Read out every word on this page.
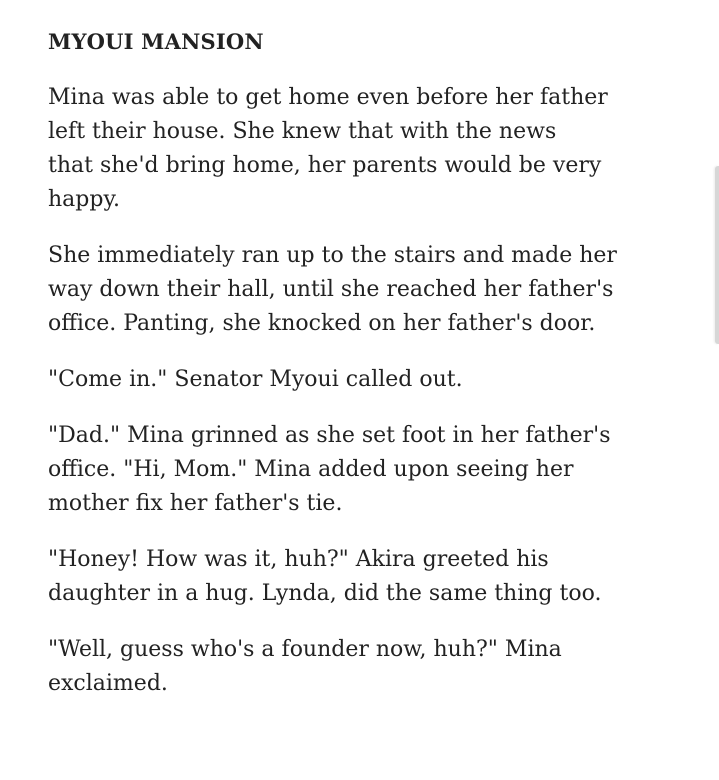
MYOUI MANSION

Mina was able to get home even before her father
left their house. She knew that with the news
that she'd bring home, her parents would be very
happy.

She immediately ran up to the stairs and made her
way down their hall, until she reached her father's
office. Panting, she knocked on her father's door.

"Come in." Senator Myoui called out.

"Dad." Mina grinned as she set foot in her father's
office. "Hi, Mom." Mina added upon seeing her
mother fix her father's tie.

"Honey! How was it, huh?" Akira greeted his
daughter in a hug. Lynda, did the same thing too.

"Well, guess who's a founder now, huh?" Mina
exclaimed.
